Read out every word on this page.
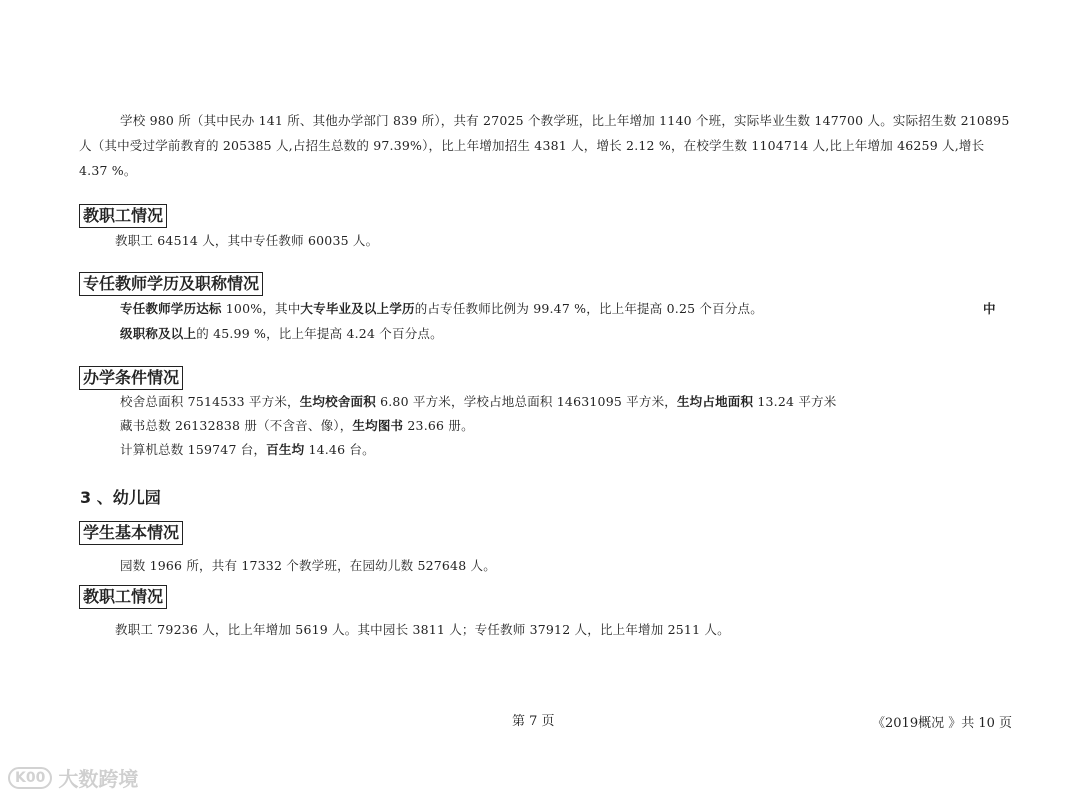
学校 980 所（其中民办 141 所、其他办学部门 839 所），共有 27025 个教学班，比上年增加 1140 个班，实际毕业生数 147700 人。实际招生数 210895
人（其中受过学前教育的 205385 人,占招生总数的 97.39%），比上年增加招生 4381 人，增长 2.12 %，在校学生数 1104714 人,比上年增加 46259 人,增长
4.37 %。
教职工情况
教职工 64514 人，其中专任教师 60035 人。
专任教师学历及职称情况
专任教师学历达标 100%，其中大专毕业及以上学历的占专任教师比例为 99.47 %，比上年提高 0.25 个百分点。	中
级职称及以上的 45.99 %，比上年提高 4.24 个百分点。
办学条件情况
校舍总面积 7514533 平方米，生均校舍面积 6.80 平方米，学校占地总面积 14631095 平方米，生均占地面积 13.24 平方米
藏书总数 26132838 册（不含音、像），生均图书 23.66 册。
计算机总数 159747 台，百生均 14.46 台。
3 、幼儿园
学生基本情况
园数 1966 所，共有 17332 个教学班，在园幼儿数 527648 人。
教职工情况
教职工 79236 人，比上年增加 5619 人。其中园长 3811 人；专任教师 37912 人，比上年增加 2511 人。
第 7 页	《2019概况 》共 10 页
K00 大数跨境
